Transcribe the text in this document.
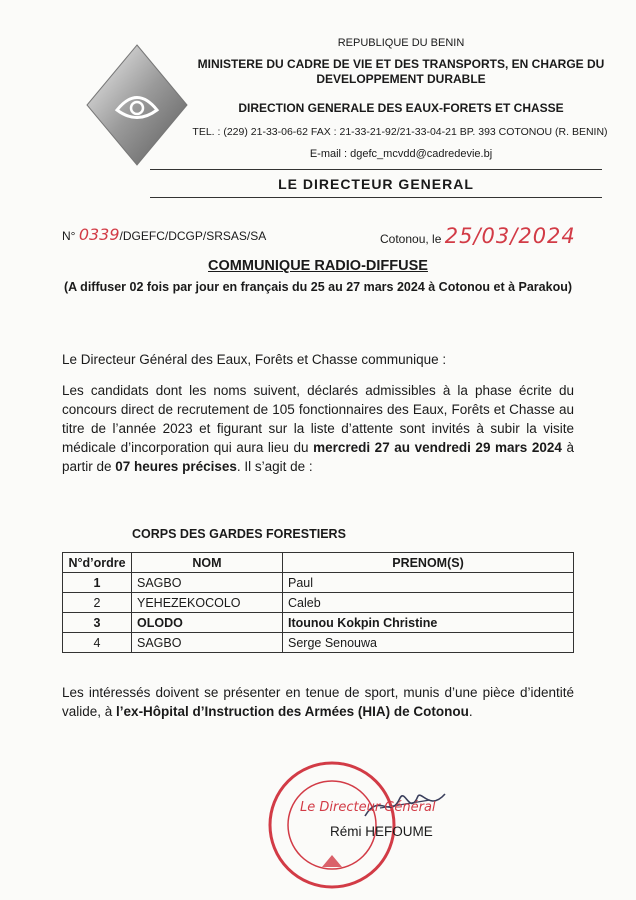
REPUBLIQUE DU BENIN
MINISTERE DU CADRE DE VIE ET DES TRANSPORTS, EN CHARGE DU DEVELOPPEMENT DURABLE
DIRECTION GENERALE DES EAUX-FORETS ET CHASSE
TEL. : (229) 21-33-06-62 FAX : 21-33-21-92/21-33-04-21 BP. 393 COTONOU (R. BENIN)
E-mail : dgefc_mcvdd@cadredevie.bj
LE DIRECTEUR GENERAL
N° 0339/DGEFC/DCGP/SRSAS/SA	Cotonou, le 25/03/2024
COMMUNIQUE RADIO-DIFFUSE
(A diffuser 02 fois par jour en français du 25 au 27 mars 2024 à Cotonou et à Parakou)
Le Directeur Général des Eaux, Forêts et Chasse communique :
Les candidats dont les noms suivent, déclarés admissibles à la phase écrite du concours direct de recrutement de 105 fonctionnaires des Eaux, Forêts et Chasse au titre de l’année 2023 et figurant sur la liste d’attente sont invités à subir la visite médicale d’incorporation qui aura lieu du mercredi 27 au vendredi 29 mars 2024 à partir de 07 heures précises. Il s’agit de :
CORPS DES GARDES FORESTIERS
N°d’ordre	NOM	PRENOM(S)
1	SAGBO	Paul
2	YEHEZEKOCOLO	Caleb
3	OLODO	Itounou Kokpin Christine
4	SAGBO	Serge Senouwa
Les intéressés doivent se présenter en tenue de sport, munis d’une pièce d’identité valide, à l’ex-Hôpital d’Instruction des Armées (HIA) de Cotonou.
Le Directeur Général
Rémi HEFOUME
